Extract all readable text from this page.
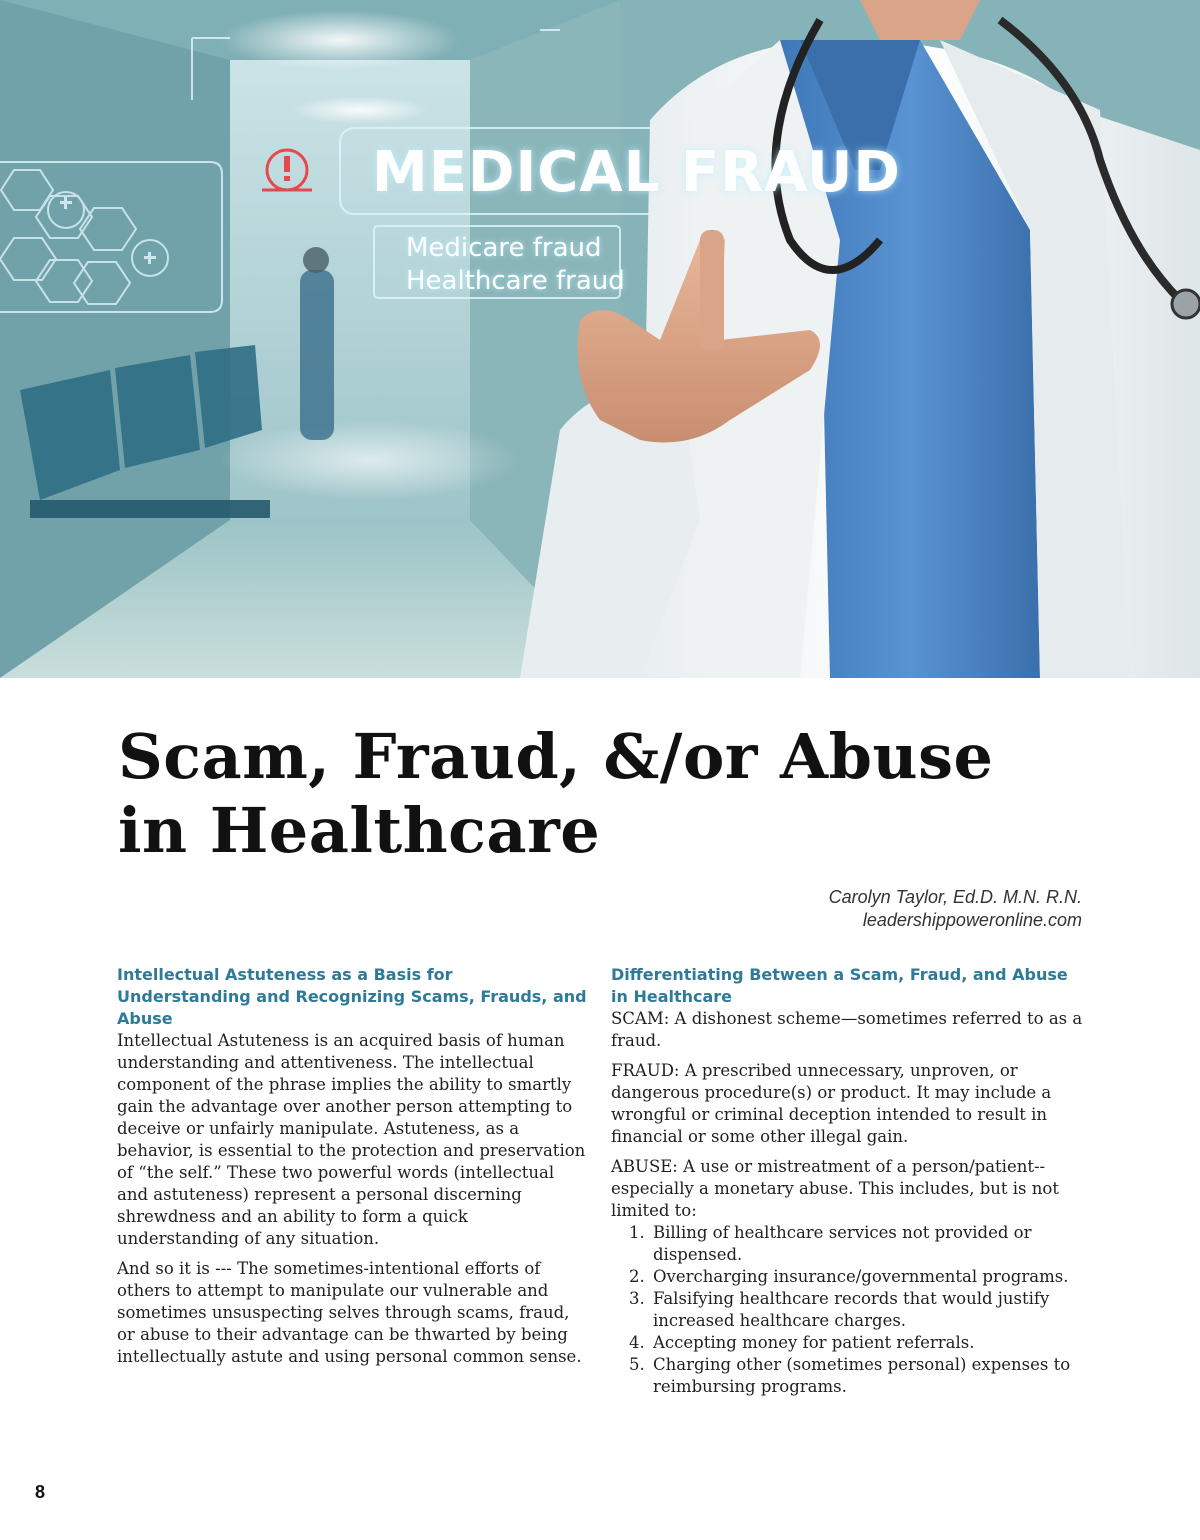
MEDICAL FRAUD
Medicare fraud
Healthcare fraud
Scam, Fraud, &/or Abuse
in Healthcare
Carolyn Taylor, Ed.D. M.N. R.N.
leadershippoweronline.com
Intellectual Astuteness as a Basis for Understanding and Recognizing Scams, Frauds, and Abuse

Intellectual Astuteness is an acquired basis of human understanding and attentiveness. The intellectual component of the phrase implies the ability to smartly gain the advantage over another person attempting to deceive or unfairly manipulate. Astuteness, as a behavior, is essential to the protection and preservation of “the self.” These two powerful words (intellectual and astuteness) represent a personal discerning shrewdness and an ability to form a quick understanding of any situation.

And so it is --- The sometimes-intentional efforts of others to attempt to manipulate our vulnerable and sometimes unsuspecting selves through scams, fraud, or abuse to their advantage can be thwarted by being intellectually astute and using personal common sense.

Differentiating Between a Scam, Fraud, and Abuse in Healthcare

SCAM: A dishonest scheme—sometimes referred to as a fraud.

FRAUD: A prescribed unnecessary, unproven, or dangerous procedure(s) or product. It may include a wrongful or criminal deception intended to result in financial or some other illegal gain.

ABUSE: A use or mistreatment of a person/patient--especially a monetary abuse. This includes, but is not limited to:

1. Billing of healthcare services not provided or dispensed.
2. Overcharging insurance/governmental programs.
3. Falsifying healthcare records that would justify increased healthcare charges.
4. Accepting money for patient referrals.
5. Charging other (sometimes personal) expenses to reimbursing programs.
8
